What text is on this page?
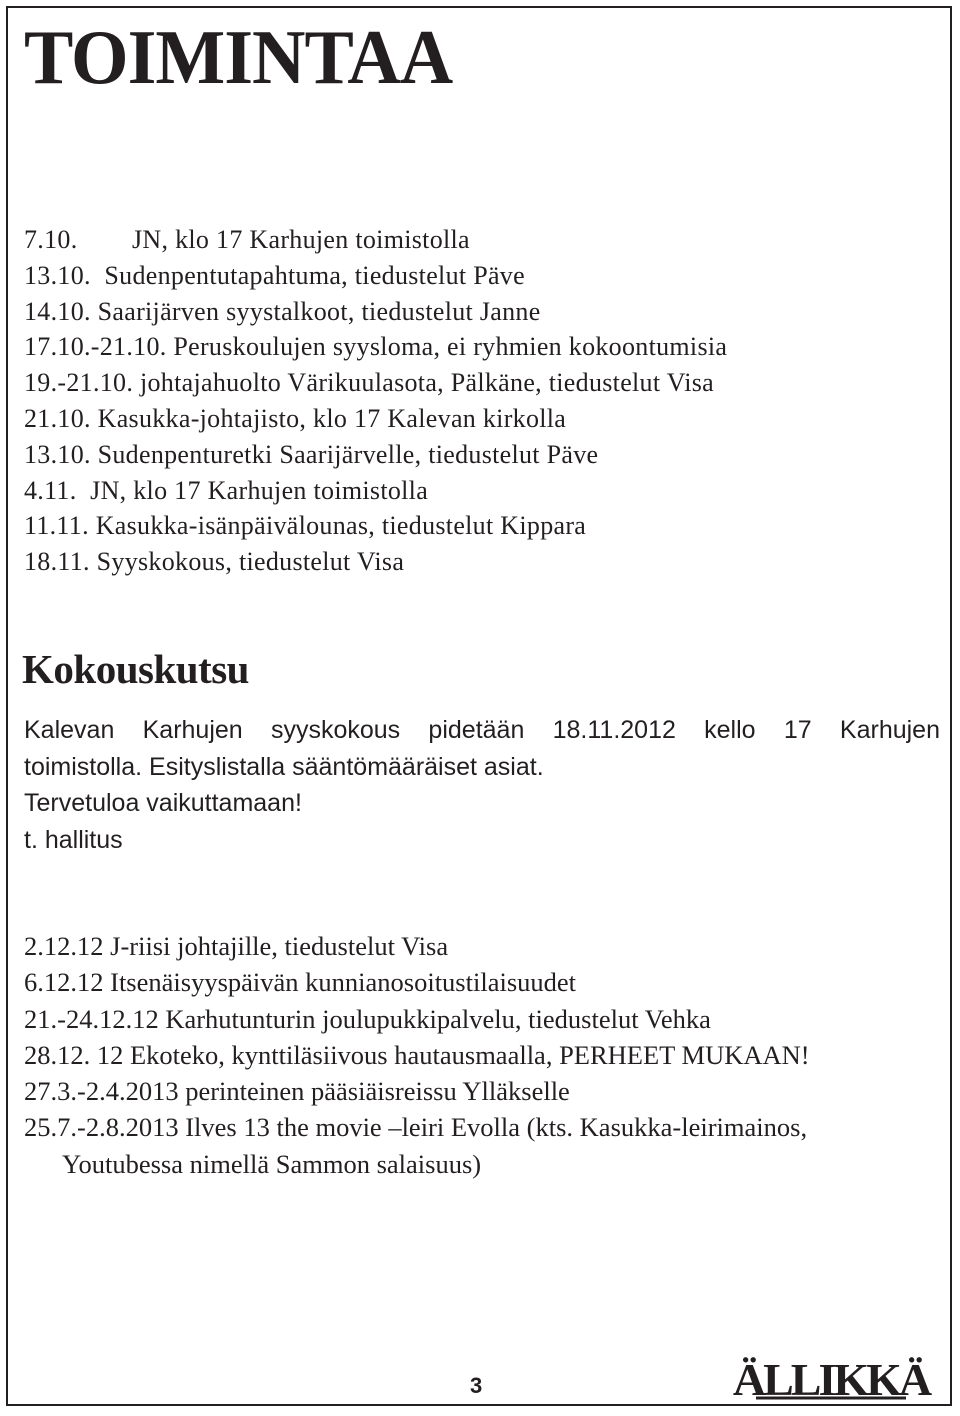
TOIMINTAA
7.10. JN, klo 17 Karhujen toimistolla
13.10. Sudenpentutapahtuma, tiedustelut Päve
14.10. Saarijärven syystalkoot, tiedustelut Janne
17.10.-21.10. Peruskoulujen syysloma, ei ryhmien kokoontumisia
19.-21.10. johtajahuolto Värikuulasota, Pälkäne, tiedustelut Visa
21.10. Kasukka-johtajisto, klo 17 Kalevan kirkolla
13.10. Sudenpenturetki Saarijärvelle, tiedustelut Päve
4.11. JN, klo 17 Karhujen toimistolla
11.11. Kasukka-isänpäivälounas, tiedustelut Kippara
18.11. Syyskokous, tiedustelut Visa
Kokouskutsu
Kalevan Karhujen syyskokous pidetään 18.11.2012 kello 17 Karhujen
toimistolla. Esityslistalla sääntömääräiset asiat.
Tervetuloa vaikuttamaan!
t. hallitus
2.12.12 J-riisi johtajille, tiedustelut Visa
6.12.12 Itsenäisyyspäivän kunnianosoitustilaisuudet
21.-24.12.12 Karhutunturin joulupukkipalvelu, tiedustelut Vehka
28.12. 12 Ekoteko, kynttiläsiivous hautausmaalla, PERHEET MUKAAN!
27.3.-2.4.2013 perinteinen pääsiäisreissu Ylläkselle
25.7.-2.8.2013 Ilves 13 the movie –leiri Evolla (kts. Kasukka-leirimainos,
Youtubessa nimellä Sammon salaisuus)
3	ÄLLIKKÄ
